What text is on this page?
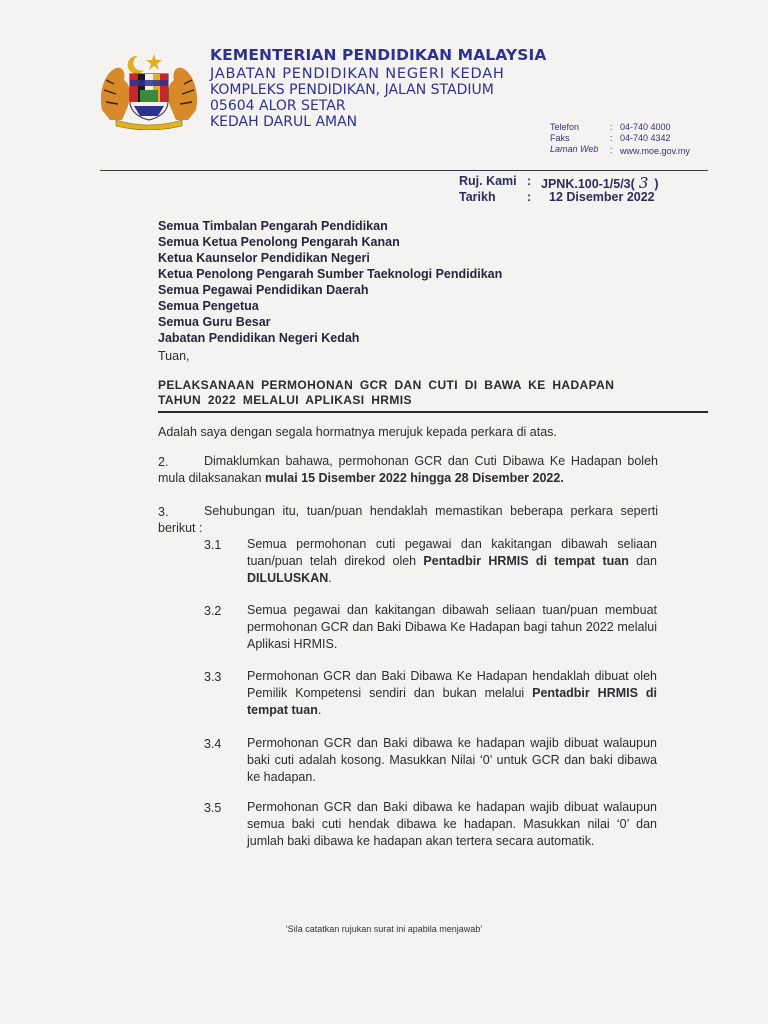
KEMENTERIAN PENDIDIKAN MALAYSIA
JABATAN PENDIDIKAN NEGERI KEDAH
KOMPLEKS PENDIDIKAN, JALAN STADIUM
05604 ALOR SETAR
KEDAH DARUL AMAN	Telefon	: 04-740 4000
Faks	: 04-740 4342
Laman Web : www.moe.gov.my
Ruj. Kami : JPNK.100-1/5/3( 3 )
Tarikh	: 12 Disember 2022
Semua Timbalan Pengarah Pendidikan
Semua Ketua Penolong Pengarah Kanan
Ketua Kaunselor Pendidikan Negeri
Ketua Penolong Pengarah Sumber Taeknologi Pendidikan
Semua Pegawai Pendidikan Daerah
Semua Pengetua
Semua Guru Besar
Jabatan Pendidikan Negeri Kedah
Tuan,
PELAKSANAAN PERMOHONAN GCR DAN CUTI DI BAWA KE HADAPAN TAHUN 2022 MELALUI APLIKASI HRMIS
Adalah saya dengan segala hormatnya merujuk kepada perkara di atas.
2.	Dimaklumkan bahawa, permohonan GCR dan Cuti Dibawa Ke Hadapan boleh mula dilaksanakan mulai 15 Disember 2022 hingga 28 Disember 2022.
3.	Sehubungan itu, tuan/puan hendaklah memastikan beberapa perkara seperti berikut :
3.1 Semua permohonan cuti pegawai dan kakitangan dibawah seliaan tuan/puan telah direkod oleh Pentadbir HRMIS di tempat tuan dan DILULUSKAN.
3.2 Semua pegawai dan kakitangan dibawah seliaan tuan/puan membuat permohonan GCR dan Baki Dibawa Ke Hadapan bagi tahun 2022 melalui Aplikasi HRMIS.
3.3 Permohonan GCR dan Baki Dibawa Ke Hadapan hendaklah dibuat oleh Pemilik Kompetensi sendiri dan bukan melalui Pentadbir HRMIS di tempat tuan.
3.4 Permohonan GCR dan Baki dibawa ke hadapan wajib dibuat walaupun baki cuti adalah kosong. Masukkan Nilai ‘0’ untuk GCR dan baki dibawa ke hadapan.
3.5 Permohonan GCR dan Baki dibawa ke hadapan wajib dibuat walaupun semua baki cuti hendak dibawa ke hadapan. Masukkan nilai ‘0’ dan jumlah baki dibawa ke hadapan akan tertera secara automatik.
‘Sila catatkan rujukan surat ini apabila menjawab’
